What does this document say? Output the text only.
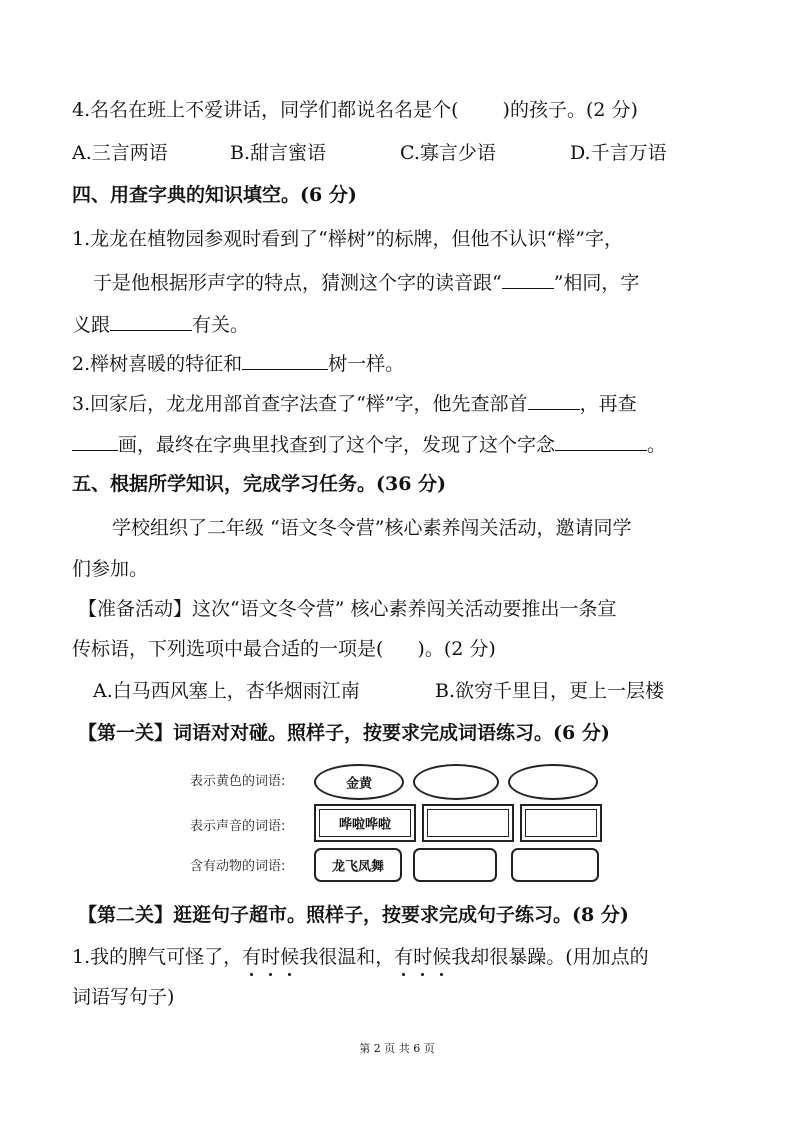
4.名名在班上不爱讲话，同学们都说名名是个( )的孩子。(2 分)
A.三言两语	B.甜言蜜语	C.寡言少语	D.千言万语
四、用查字典的知识填空。(6 分)
1.龙龙在植物园参观时看到了“榉树”的标牌，但他不认识“榉”字，
于是他根据形声字的特点，猜测这个字的读音跟“	”相同，字
义跟	有关。
2.榉树喜暖的特征和	树一样。
3.回家后，龙龙用部首查字法查了“榉”字，他先查部首	，再查
画，最终在字典里找查到了这个字，发现了这个字念	。
五、根据所学知识，完成学习任务。(36 分)
学校组织了二年级 “语文冬令营”核心素养闯关活动，邀请同学
们参加。
【准备活动】这次“语文冬令营” 核心素养闯关活动要推出一条宣
传标语，下列选项中最合适的一项是( )。(2 分)
A.白马西风塞上，杏华烟雨江南	B.欲穷千里目，更上一层楼
【第一关】词语对对碰。照样子，按要求完成词语练习。(6 分)
表示黄色的词语:	金黄
表示声音的词语:	哗啦哗啦
含有动物的词语:	龙飞凤舞
【第二关】逛逛句子超市。照样子，按要求完成句子练习。(8 分)
1.我的脾气可怪了，有时候我很温和，有时候我却很暴躁。(用加点的
词语写句子)
第 2 页 共 6 页
